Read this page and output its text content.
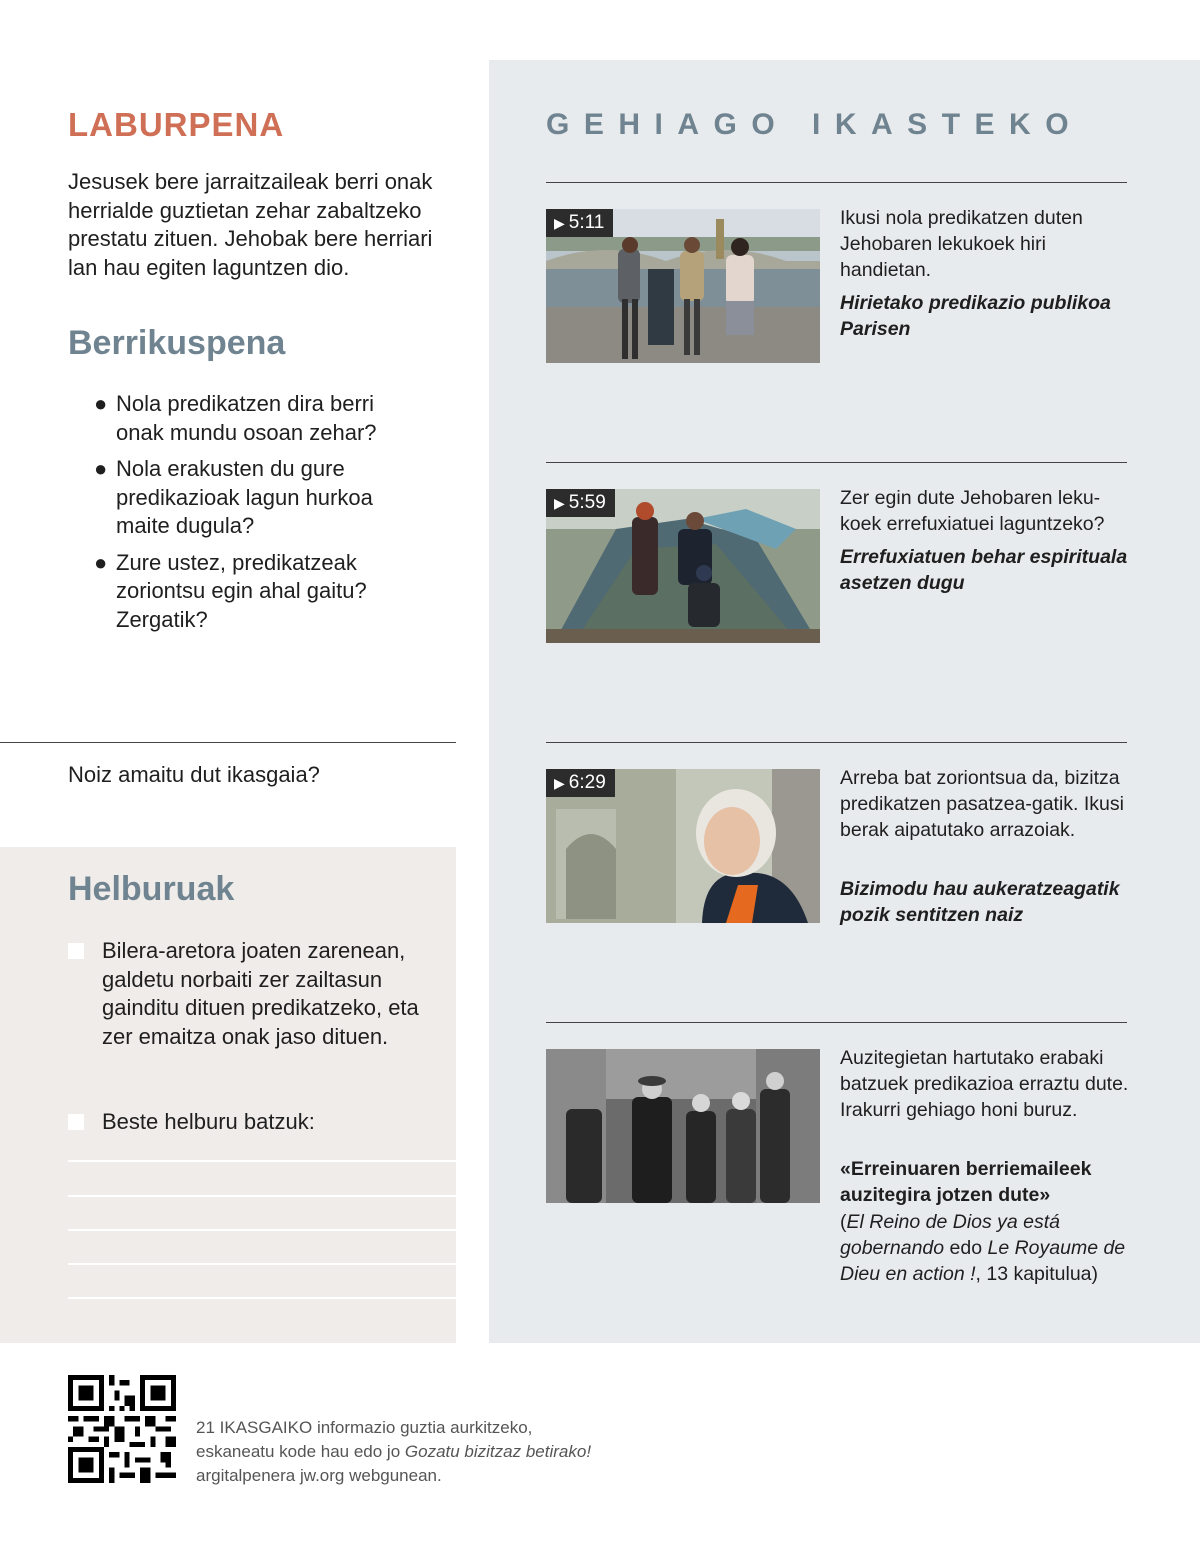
LABURPENA

Jesusek bere jarraitzaileak berri onak herrialde guztietan zehar zabaltzeko prestatu zituen. Jehobak bere herriari lan hau egiten laguntzen dio.

Berrikuspena
● Nola predikatzen dira berri onak mundu osoan zehar?
● Nola erakusten du gure predikazioak lagun hurkoa maite dugula?
● Zure ustez, predikatzeak zoriontsu egin ahal gaitu? Zergatik?

Noiz amaitu dut ikasgaia?

Helburuak
Bilera-aretora joaten zarenean, galdetu norbaiti zer zailtasun gainditu dituen predikatzeko, eta zer emaitza onak jaso dituen.
Beste helburu batzuk:
GEHIAGO IKASTEKO
▶ 5:11	Ikusi nola predikatzen duten Jehobaren lekukoek hiri handietan.

Hirietako predikazio publikoa Parisen

▶ 5:59	Zer egin dute Jehobaren leku-koek errefuxiatuei laguntzeko?

Errefuxiatuen behar espirituala asetzen dugu

▶ 6:29	Arreba bat zoriontsua da, bizitza predikatzen pasatzea-gatik. Ikusi berak aipatutako arrazoiak.

Bizimodu hau aukeratzeagatik pozik sentitzen naiz

Auzitegietan hartutako erabaki batzuek predikazioa erraztu dute. Irakurri gehiago honi buruz.

«Erreinuaren berriemaileek auzitegira jotzen dute»

(El Reino de Dios ya está gobernando edo Le Royaume de Dieu en action !, 13 kapitulua)

21 IKASGAIKO informazio guztia aurkitzeko,
eskaneatu kode hau edo jo Gozatu bizitzaz betirako!
argitalpenera jw.org webgunean.
